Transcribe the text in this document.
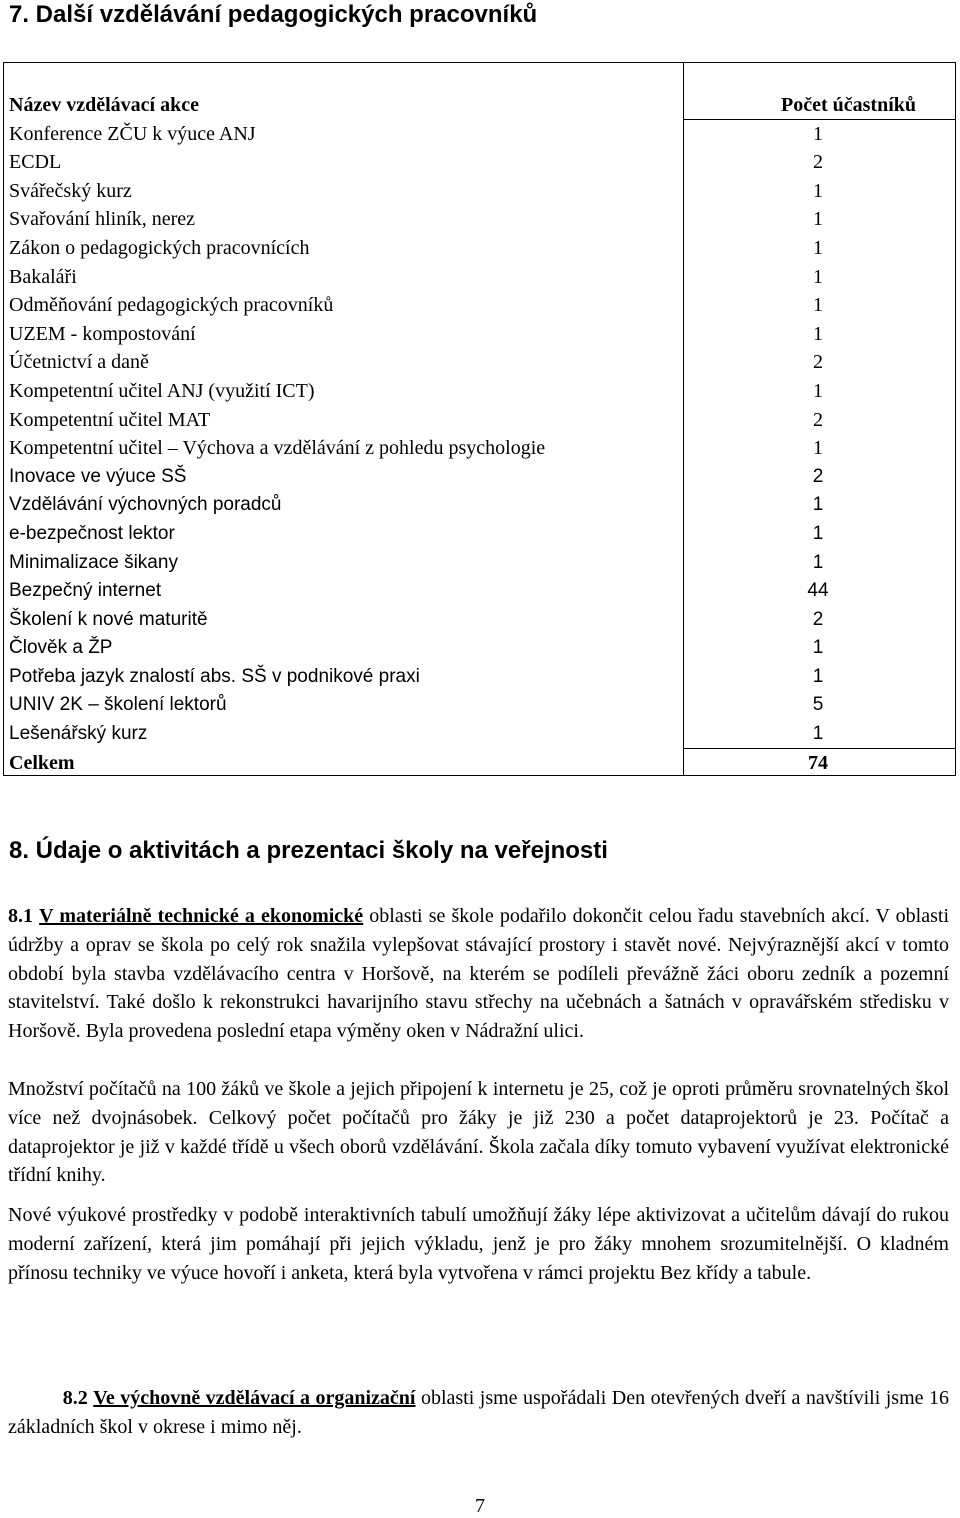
7. Další vzdělávání pedagogických pracovníků
Název vzdělávací akce	Počet účastníků
Konference ZČU k výuce ANJ	1
ECDL	2
Svářečský kurz	1
Svařování hliník, nerez	1
Zákon o pedagogických pracovnících	1
Bakaláři	1
Odměňování pedagogických pracovníků	1
UZEM - kompostování	1
Účetnictví a daně	2
Kompetentní učitel ANJ (využití ICT)	1
Kompetentní učitel MAT	2
Kompetentní učitel – Výchova a vzdělávání z pohledu psychologie	1
Inovace ve výuce SŠ	2
Vzdělávání výchovných poradců	1
e-bezpečnost lektor	1
Minimalizace šikany	1
Bezpečný internet	44
Školení k nové maturitě	2
Člověk a ŽP	1
Potřeba jazyk znalostí abs. SŠ v podnikové praxi	1
UNIV 2K – školení lektorů	5
Lešenářský kurz	1
Celkem	74
8. Údaje o aktivitách a prezentaci školy na veřejnosti

8.1 V materiálně technické a ekonomické oblasti se škole podařilo dokončit celou řadu stavebních akcí. V oblasti údržby a oprav se škola po celý rok snažila vylepšovat stávající prostory i stavět nové. Nejvýraznější akcí v tomto období byla stavba vzdělávacího centra v Horšově, na kterém se podíleli převážně žáci oboru zedník a pozemní stavitelství. Také došlo k rekonstrukci havarijního stavu střechy na učebnách a šatnách v opravářském středisku v Horšově. Byla provedena poslední etapa výměny oken v Nádražní ulici.

Množství počítačů na 100 žáků ve škole a jejich připojení k internetu je 25, což je oproti průměru srovnatelných škol více než dvojnásobek. Celkový počet počítačů pro žáky je již 230 a počet dataprojektorů je 23. Počítač a dataprojektor je již v každé třídě u všech oborů vzdělávání. Škola začala díky tomuto vybavení využívat elektronické třídní knihy.

Nové výukové prostředky v podobě interaktivních tabulí umožňují žáky lépe aktivizovat a učitelům dávají do rukou moderní zařízení, která jim pomáhají při jejich výkladu, jenž je pro žáky mnohem srozumitelnější. O kladném přínosu techniky ve výuce hovoří i anketa, která byla vytvořena v rámci projektu Bez křídy a tabule.

8.2 Ve výchovně vzdělávací a organizační oblasti jsme uspořádali Den otevřených dveří a navštívili jsme 16 základních škol v okrese i mimo něj.

7
